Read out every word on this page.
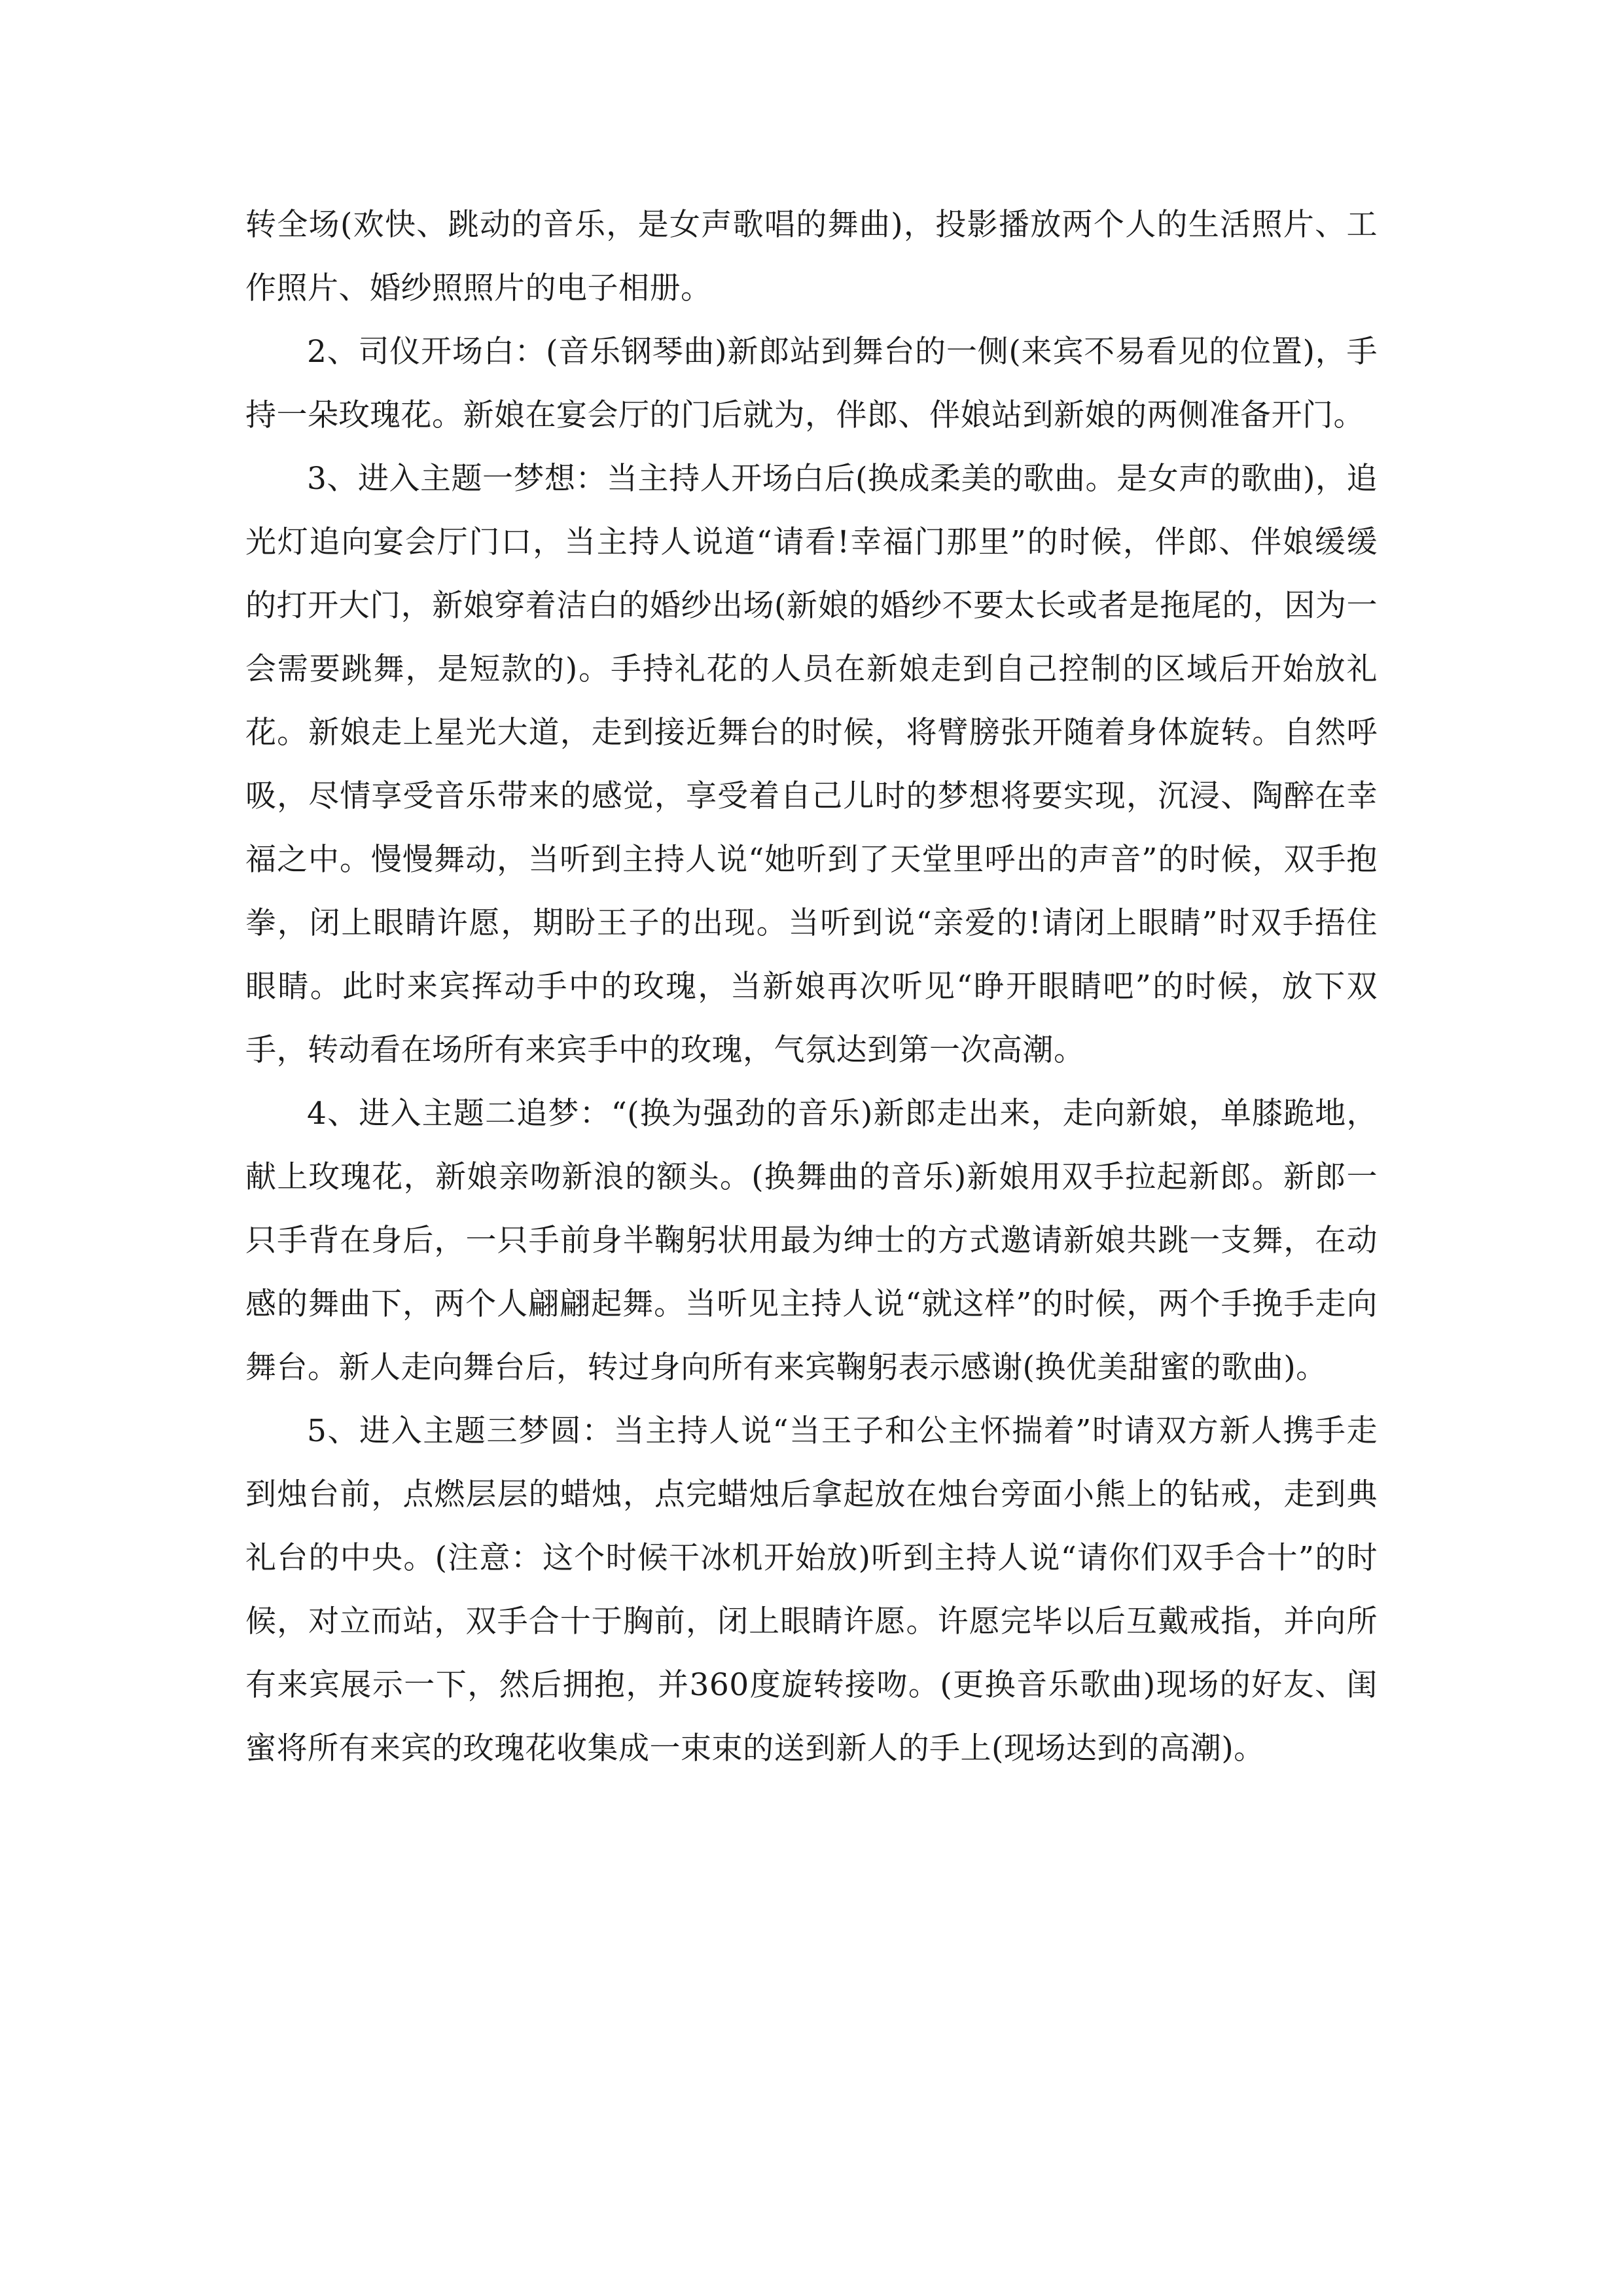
转全场(欢快、跳动的音乐，是女声歌唱的舞曲)，投影播放两个人的生活照片、工作照片、婚纱照照片的电子相册。

2、司仪开场白：(音乐钢琴曲)新郎站到舞台的一侧(来宾不易看见的位置)，手持一朵玫瑰花。新娘在宴会厅的门后就为，伴郎、伴娘站到新娘的两侧准备开门。

3、进入主题一梦想：当主持人开场白后(换成柔美的歌曲。是女声的歌曲)，追光灯追向宴会厅门口，当主持人说道“请看!幸福门那里”的时候，伴郎、伴娘缓缓的打开大门，新娘穿着洁白的婚纱出场(新娘的婚纱不要太长或者是拖尾的，因为一会需要跳舞，是短款的)。手持礼花的人员在新娘走到自己控制的区域后开始放礼花。新娘走上星光大道，走到接近舞台的时候，将臂膀张开随着身体旋转。自然呼吸，尽情享受音乐带来的感觉，享受着自己儿时的梦想将要实现，沉浸、陶醉在幸福之中。慢慢舞动，当听到主持人说“她听到了天堂里呼出的声音”的时候，双手抱拳，闭上眼睛许愿，期盼王子的出现。当听到说“亲爱的!请闭上眼睛”时双手捂住眼睛。此时来宾挥动手中的玫瑰，当新娘再次听见“睁开眼睛吧”的时候，放下双手，转动看在场所有来宾手中的玫瑰，气氛达到第一次高潮。

4、进入主题二追梦：“(换为强劲的音乐)新郎走出来，走向新娘，单膝跪地，献上玫瑰花，新娘亲吻新浪的额头。(换舞曲的音乐)新娘用双手拉起新郎。新郎一只手背在身后，一只手前身半鞠躬状用最为绅士的方式邀请新娘共跳一支舞，在动感的舞曲下，两个人翩翩起舞。当听见主持人说“就这样”的时候，两个手挽手走向舞台。新人走向舞台后，转过身向所有来宾鞠躬表示感谢(换优美甜蜜的歌曲)。

5、进入主题三梦圆：当主持人说“当王子和公主怀揣着”时请双方新人携手走到烛台前，点燃层层的蜡烛，点完蜡烛后拿起放在烛台旁面小熊上的钻戒，走到典礼台的中央。(注意：这个时候干冰机开始放)听到主持人说“请你们双手合十”的时候，对立而站，双手合十于胸前，闭上眼睛许愿。许愿完毕以后互戴戒指，并向所有来宾展示一下，然后拥抱，并360度旋转接吻。(更换音乐歌曲)现场的好友、闺蜜将所有来宾的玫瑰花收集成一束束的送到新人的手上(现场达到的高潮)。
